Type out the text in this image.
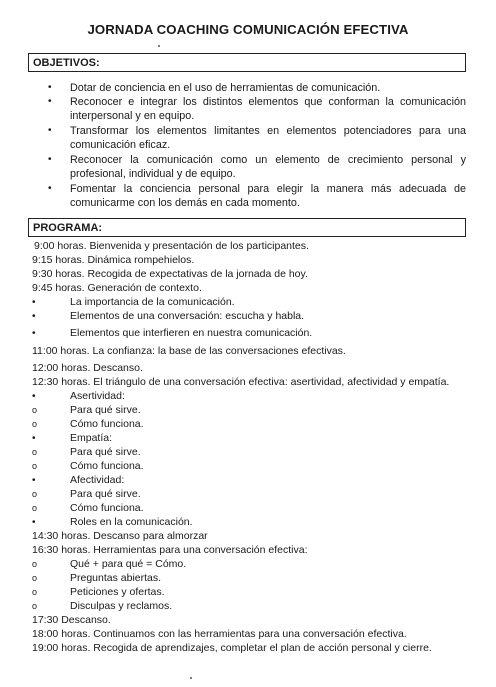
JORNADA COACHING COMUNICACIÓN EFECTIVA
OBJETIVOS:
• Dotar de conciencia en el uso de herramientas de comunicación.
• Reconocer e integrar los distintos elementos que conforman la comunicación interpersonal y en equipo.
• Transformar los elementos limitantes en elementos potenciadores para una comunicación eficaz.
• Reconocer la comunicación como un elemento de crecimiento personal y profesional, individual y de equipo.
• Fomentar la conciencia personal para elegir la manera más adecuada de comunicarme con los demás en cada momento.
PROGRAMA:
9:00 horas. Bienvenida y presentación de los participantes.
9:15 horas. Dinámica rompehielos.
9:30 horas. Recogida de expectativas de la jornada de hoy.
9:45 horas. Generación de contexto.
•	La importancia de la comunicación.
•	Elementos de una conversación: escucha y habla.
•	Elementos que interfieren en nuestra comunicación.
11:00 horas. La confianza: la base de las conversaciones efectivas.
12:00 horas. Descanso.
12:30 horas. El triángulo de una conversación efectiva: asertividad, afectividad y empatía.
•	Asertividad:
o	Para qué sirve.
o	Cómo funciona.
•	Empatía:
o	Para qué sirve.
o	Cómo funciona.
•	Afectividad:
o	Para qué sirve.
o	Cómo funciona.
•	Roles en la comunicación.
14:30 horas. Descanso para almorzar
16:30 horas. Herramientas para una conversación efectiva:
o	Qué + para qué = Cómo.
o	Preguntas abiertas.
o	Peticiones y ofertas.
o	Disculpas y reclamos.
17:30 Descanso.
18:00 horas. Continuamos con las herramientas para una conversación efectiva.
19:00 horas. Recogida de aprendizajes, completar el plan de acción personal y cierre.
